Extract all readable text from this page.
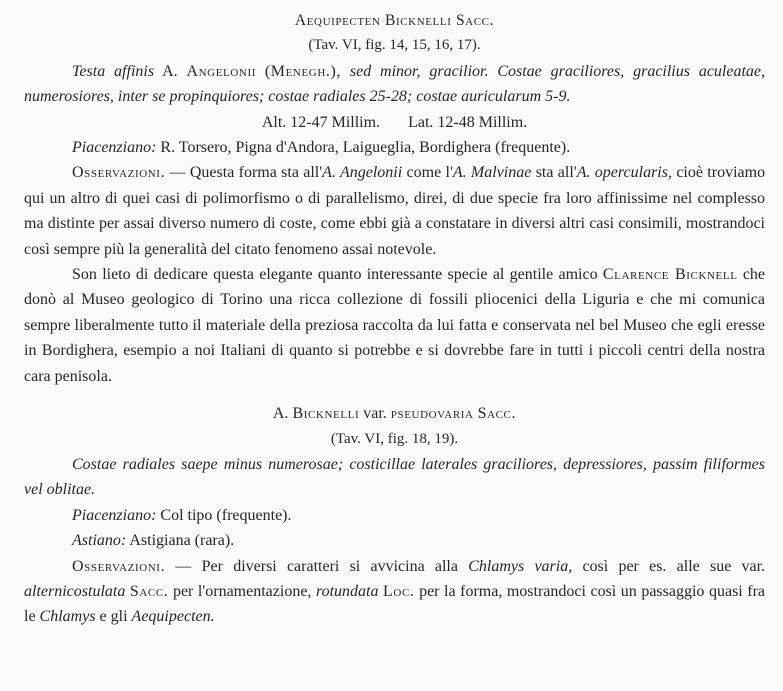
Aequipecten Bicknelli Sacc.

(Tav. VI, fig. 14, 15, 16, 17).

Testa affinis A. Angelonii (Menegh.), sed minor, gracilior. Costae graciliores, gracilius aculeatae, numerosiores, inter se propinquiores; costae radiales 25-28; costae auricularum 5-9.

Alt. 12-47 Millim. Lat. 12-48 Millim.

Piacenziano: R. Torsero, Pigna d'Andora, Laigueglia, Bordighera (frequente).

Osservazioni. — Questa forma sta all'A. Angelonii come l'A. Malvinae sta all'A. opercularis, cioè troviamo qui un altro di quei casi di polimorfismo o di parallelismo, direi, di due specie fra loro affinissime nel complesso ma distinte per assai diverso numero di coste, come ebbi già a constatare in diversi altri casi consimili, mostrandoci così sempre più la generalità del citato fenomeno assai notevole.

Son lieto di dedicare questa elegante quanto interessante specie al gentile amico Clarence Bicknell che donò al Museo geologico di Torino una ricca collezione di fossili pliocenici della Liguria e che mi comunica sempre liberalmente tutto il materiale della preziosa raccolta da lui fatta e conservata nel bel Museo che egli eresse in Bordighera, esempio a noi Italiani di quanto si potrebbe e si dovrebbe fare in tutti i piccoli centri della nostra cara penisola.

A. Bicknelli var. pseudovaria Sacc.

(Tav. VI, fig. 18, 19).

Costae radiales saepe minus numerosae; costicillae laterales graciliores, depressiores, passim filiformes vel oblitae.

Piacenziano: Col tipo (frequente).

Astiano: Astigiana (rara).

Osservazioni. — Per diversi caratteri si avvicina alla Chlamys varia, così per es. alle sue var. alternicostulata Sacc. per l'ornamentazione, rotundata Loc. per la forma, mostrandoci così un passaggio quasi fra le Chlamys e gli Aequipecten.
